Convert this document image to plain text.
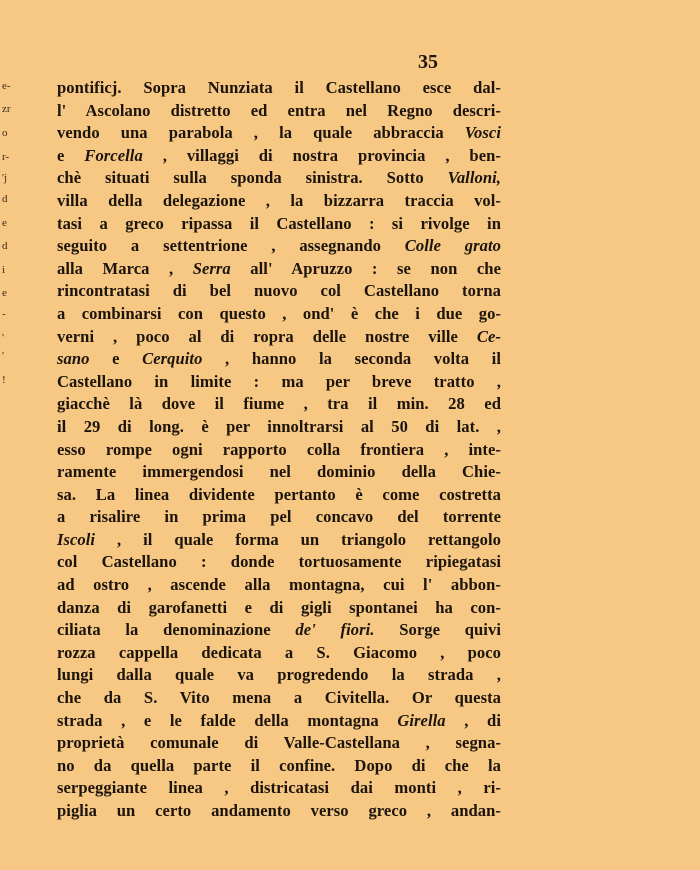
35
e-
zr
o
r-
'j
d
e
d
i
e
-
'
'
!
pontificj. Sopra Nunziata il Castellano esce dal-
l' Ascolano distretto ed entra nel Regno descri-
vendo una parabola , la quale abbraccia Vosci
e Forcella , villaggi di nostra provincia , ben-
chè situati sulla sponda sinistra. Sotto Valloni,
villa della delegazione , la bizzarra traccia vol-
tasi a greco ripassa il Castellano : si rivolge in
seguito a settentrione , assegnando Colle grato
alla Marca , Serra all' Apruzzo : se non che
rincontratasi di bel nuovo col Castellano torna
a combinarsi con questo , ond' è che i due go-
verni , poco al di ropra delle nostre ville Ce-
sano e Cerquito , hanno la seconda volta il
Castellano in limite : ma per breve tratto ,
giacchè là dove il fiume , tra il min. 28 ed
il 29 di long. è per innoltrarsi al 50 di lat. ,
esso rompe ogni rapporto colla frontiera , inte-
ramente immergendosi nel dominio della Chie-
sa. La linea dividente pertanto è come costretta
a risalire in prima pel concavo del torrente
Iscoli , il quale forma un triangolo rettangolo
col Castellano : donde tortuosamente ripiegatasi
ad ostro , ascende alla montagna, cui l' abbon-
danza di garofanetti e di gigli spontanei ha con-
ciliata la denominazione de' fiori. Sorge quivi
rozza cappella dedicata a S. Giacomo , poco
lungi dalla quale va progredendo la strada ,
che da S. Vito mena a Civitella. Or questa
strada , e le falde della montagna Girella , di
proprietà comunale di Valle-Castellana , segna-
no da quella parte il confine. Dopo di che la
serpeggiante linea , districatasi dai monti , ri-
piglia un certo andamento verso greco , andan-
